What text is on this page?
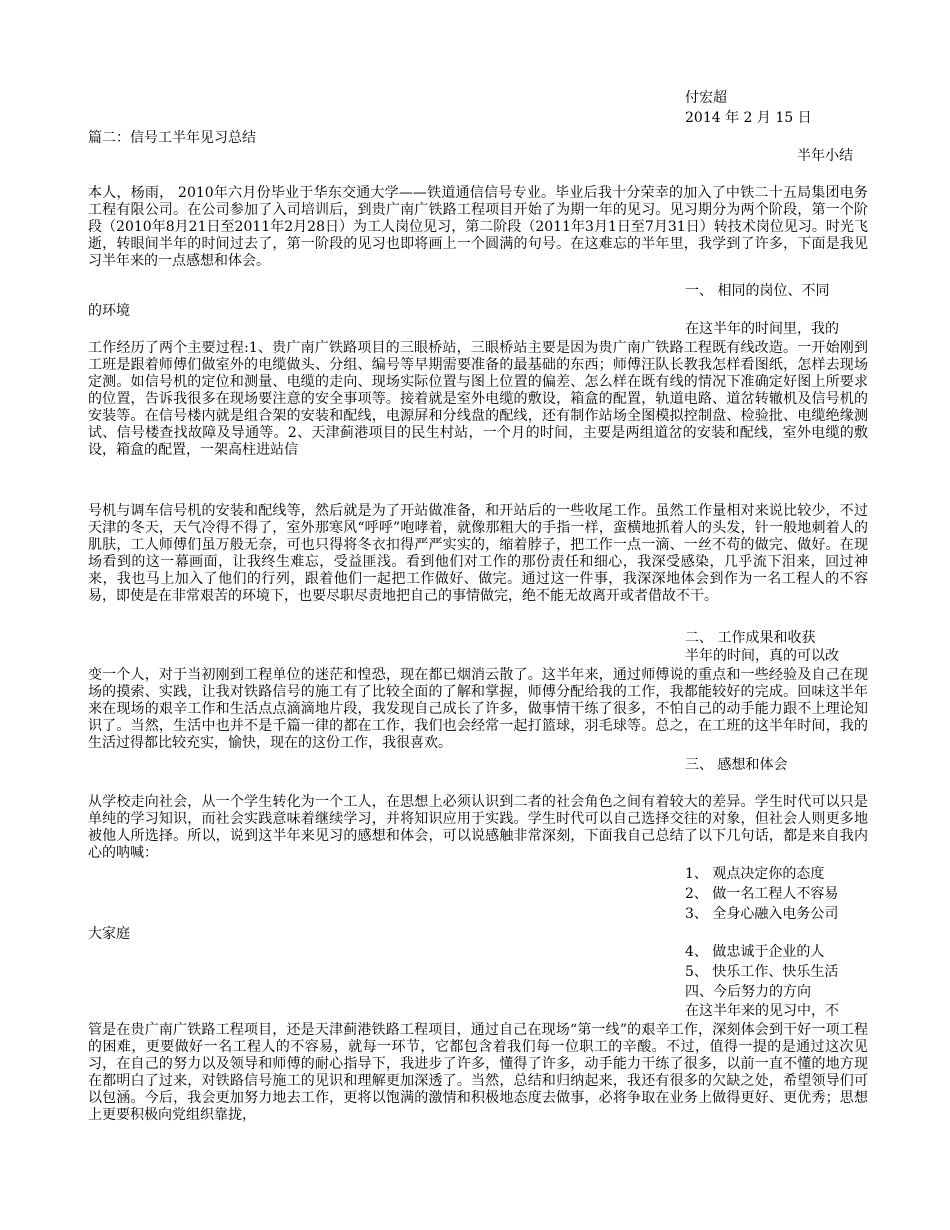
付宏超
2014 年 2 月 15 日
篇二：信号工半年见习总结
半年小结
本人，杨雨， 2010年六月份毕业于华东交通大学——铁道通信信号专业。毕业后我十分荣幸的加入了中铁二十五局集团电务工程有限公司。在公司参加了入司培训后，到贵广南广铁路工程项目开始了为期一年的见习。见习期分为两个阶段，第一个阶段（2010年8月21日至2011年2月28日）为工人岗位见习，第二阶段（2011年3月1日至7月31日）转技术岗位见习。时光飞逝，转眼间半年的时间过去了，第一阶段的见习也即将画上一个圆满的句号。在这难忘的半年里，我学到了许多，下面是我见习半年来的一点感想和体会。
一、 相同的岗位、不同
的环境
在这半年的时间里，我的
工作经历了两个主要过程:1、贵广南广铁路项目的三眼桥站，三眼桥站主要是因为贵广南广铁路工程既有线改造。一开始刚到工班是跟着师傅们做室外的电缆做头、分组、编号等早期需要准备的最基础的东西；师傅汪队长教我怎样看图纸，怎样去现场定测。如信号机的定位和测量、电缆的走向、现场实际位置与图上位置的偏差、怎么样在既有线的情况下准确定好图上所要求的位置，告诉我很多在现场要注意的安全事项等。接着就是室外电缆的敷设，箱盒的配置，轨道电路、道岔转辙机及信号机的安装等。在信号楼内就是组合架的安装和配线，电源屏和分线盘的配线，还有制作站场全图模拟控制盘、检验批、电缆绝缘测试、信号楼查找故障及导通等。2、天津蓟港项目的民生村站，一个月的时间，主要是两组道岔的安装和配线，室外电缆的敷设，箱盒的配置，一架高柱进站信
号机与调车信号机的安装和配线等，然后就是为了开站做准备，和开站后的一些收尾工作。虽然工作量相对来说比较少，不过天津的冬天，天气冷得不得了，室外那寒风“呼呼”咆哮着，就像那粗大的手指一样，蛮横地抓着人的头发，针一般地刺着人的肌肤，工人师傅们虽万般无奈，可也只得将冬衣扣得严严实实的，缩着脖子，把工作一点一滴、一丝不苟的做完、做好。在现场看到的这一幕画面，让我终生难忘，受益匪浅。看到他们对工作的那份责任和细心，我深受感染，几乎流下泪来，回过神来，我也马上加入了他们的行列，跟着他们一起把工作做好、做完。通过这一件事，我深深地体会到作为一名工程人的不容易，即使是在非常艰苦的环境下，也要尽职尽责地把自己的事情做完，绝不能无故离开或者借故不干。
二、 工作成果和收获
半年的时间，真的可以改
变一个人，对于当初刚到工程单位的迷茫和惶恐，现在都已烟消云散了。这半年来，通过师傅说的重点和一些经验及自己在现场的摸索、实践，让我对铁路信号的施工有了比较全面的了解和掌握，师傅分配给我的工作，我都能较好的完成。回味这半年来在现场的艰辛工作和生活点点滴滴地片段，我发现自己成长了许多，做事情干练了很多，不怕自己的动手能力跟不上理论知识了。当然，生活中也并不是千篇一律的都在工作，我们也会经常一起打篮球，羽毛球等。总之，在工班的这半年时间，我的生活过得都比较充实，愉快，现在的这份工作，我很喜欢。
三、 感想和体会
从学校走向社会，从一个学生转化为一个工人，在思想上必须认识到二者的社会角色之间有着较大的差异。学生时代可以只是单纯的学习知识，而社会实践意味着继续学习，并将知识应用于实践。学生时代可以自己选择交往的对象，但社会人则更多地被他人所选择。所以，说到这半年来见习的感想和体会，可以说感触非常深刻，下面我自己总结了以下几句话，都是来自我内心的呐喊：
1、 观点决定你的态度
2、 做一名工程人不容易
3、 全身心融入电务公司
大家庭
4、 做忠诚于企业的人
5、 快乐工作、快乐生活
四、今后努力的方向
在这半年来的见习中，不
管是在贵广南广铁路工程项目，还是天津蓟港铁路工程项目，通过自己在现场“第一线”的艰辛工作，深刻体会到干好一项工程的困难，更要做好一名工程人的不容易，就每一环节，它都包含着我们每一位职工的辛酸。不过，值得一提的是通过这次见习，在自己的努力以及领导和师傅的耐心指导下，我进步了许多，懂得了许多，动手能力干练了很多，以前一直不懂的地方现在都明白了过来，对铁路信号施工的见识和理解更加深透了。当然，总结和归纳起来，我还有很多的欠缺之处，希望领导们可以包涵。今后，我会更加努力地去工作，更将以饱满的激情和积极地态度去做事，必将争取在业务上做得更好、更优秀；思想上更要积极向党组织靠拢，
